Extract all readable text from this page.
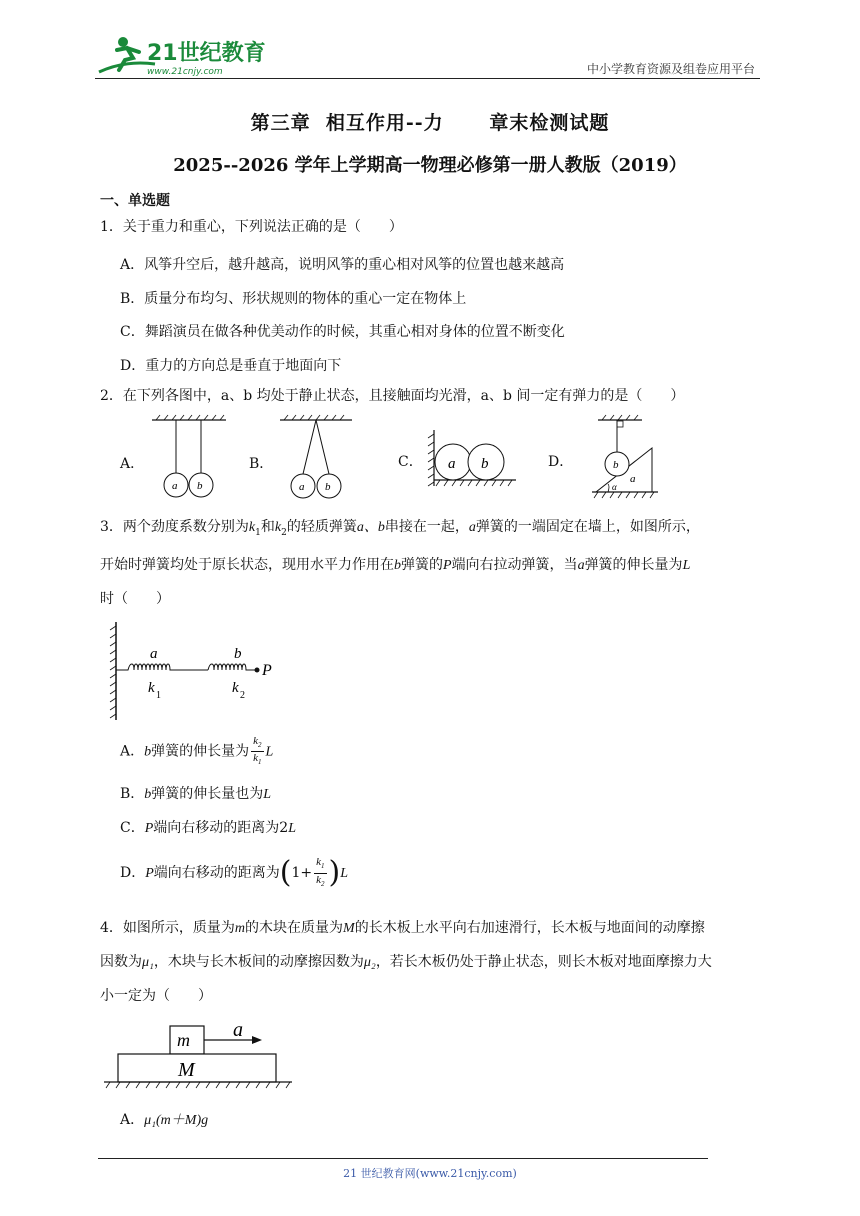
21世纪教育
www.21cnjy.com	中小学教育资源及组卷应用平台
第三章  相互作用--力      章末检测试题
2025--2026 学年上学期高一物理必修第一册人教版（2019）
一、单选题
1．关于重力和重心，下列说法正确的是（　　）
A．风筝升空后，越升越高，说明风筝的重心相对风筝的位置也越来越高
B．质量分布均匀、形状规则的物体的重心一定在物体上
C．舞蹈演员在做各种优美动作的时候，其重心相对身体的位置不断变化
D．重力的方向总是垂直于地面向下
2．在下列各图中，a、b 均处于静止状态，且接触面均光滑，a、b 间一定有弹力的是（　　）
A．
a b
B．
a b
C． a b	D．	b
a
α
3．两个劲度系数分别为$k_1$和$k_2$的轻质弹簧a、b串接在一起，a弹簧的一端固定在墙上，如图所示，
开始时弹簧均处于原长状态，现用水平力作用在b弹簧的P端向右拉动弹簧，当a弹簧的伸长量为L
时（　　）
a	b
P
k 1	k 2
A．b弹簧的伸长量为 $\frac{k_2}{k_1}$ L
B．b弹簧的伸长量也为L
C．P端向右移动的距离为2L
D．P端向右移动的距离为$(1+ \frac{k_1}{k_2} )L$
4．如图所示，质量为m的木块在质量为M的长木板上水平向右加速滑行，长木板与地面间的动摩擦
因数为μ₁，木块与长木板间的动摩擦因数为μ₂，若长木板仍处于静止状态，则长木板对地面摩擦力大
小一定为（　　）
m
M
a
A．μ₁(m＋M)g
21 世纪教育网(www.21cnjy.com)
